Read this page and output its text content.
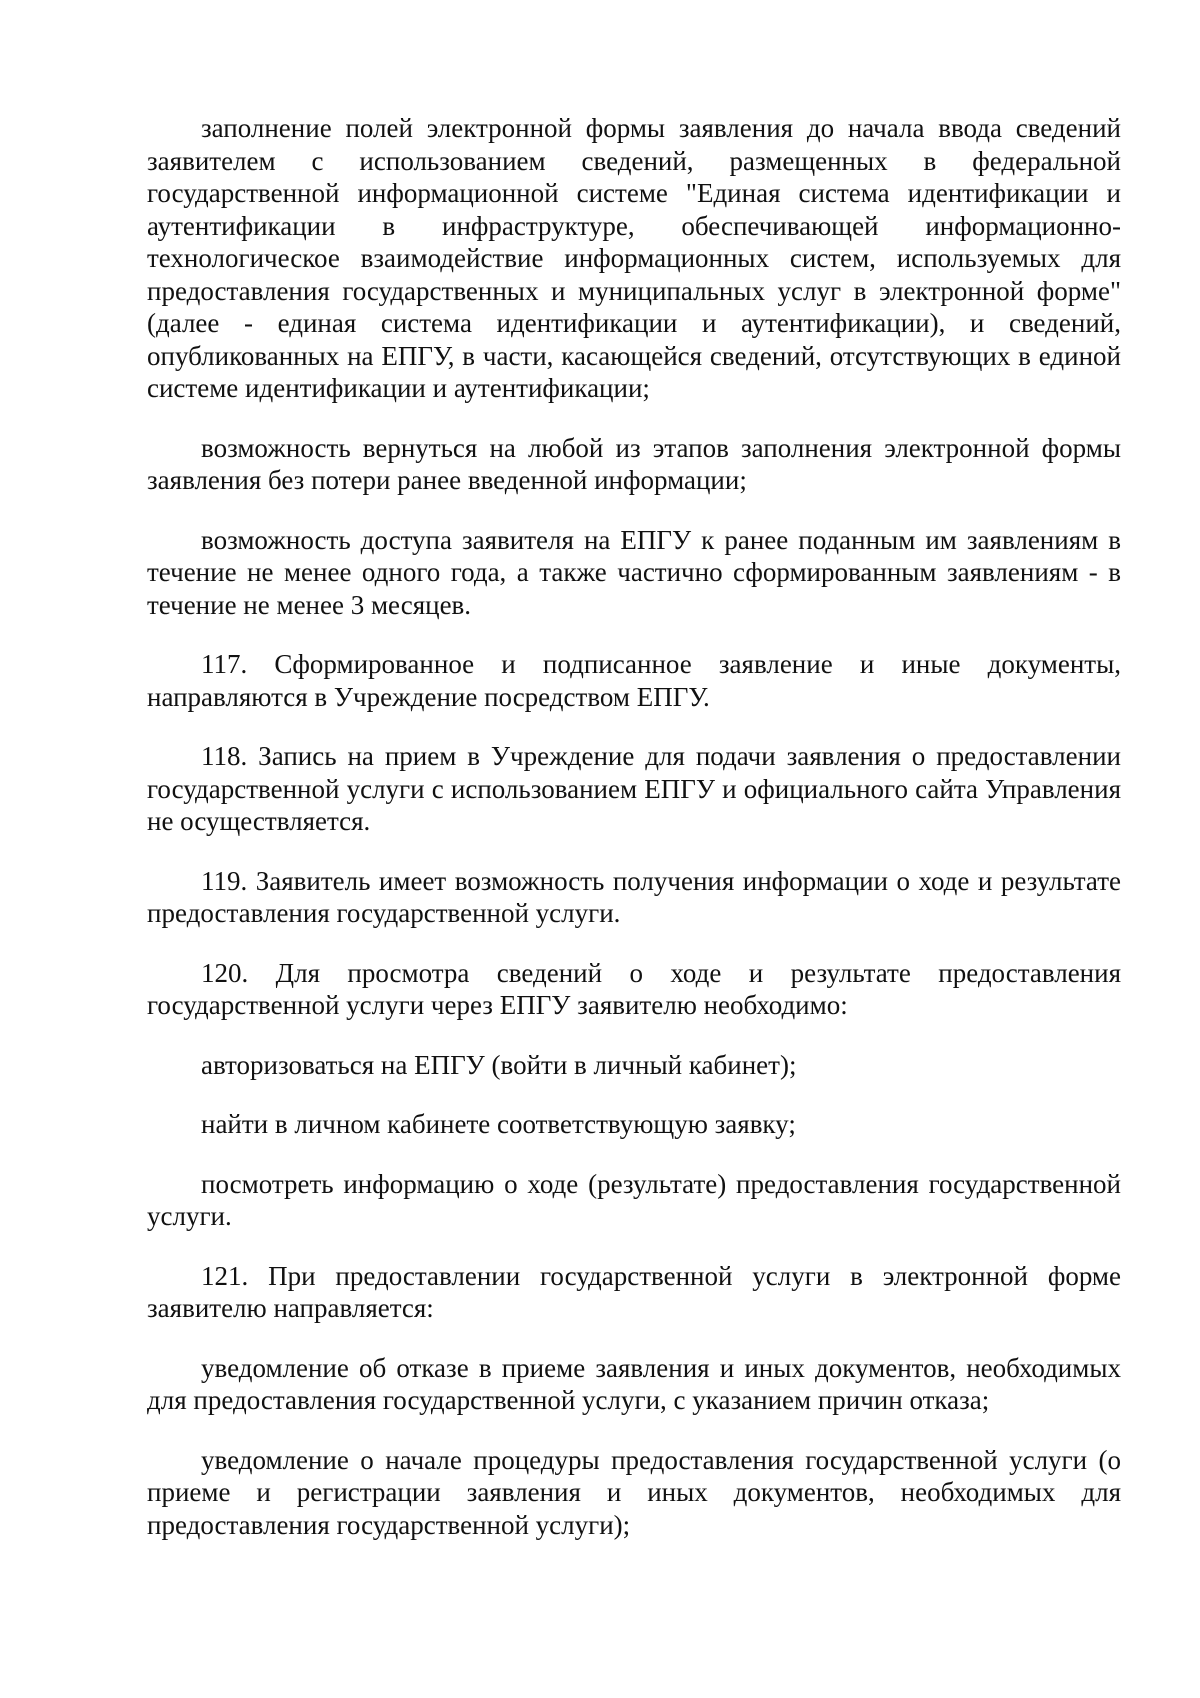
заполнение полей электронной формы заявления до начала ввода сведений заявителем с использованием сведений, размещенных в федеральной государственной информационной системе "Единая система идентификации и аутентификации в инфраструктуре, обеспечивающей информационно-технологическое взаимодействие информационных систем, используемых для предоставления государственных и муниципальных услуг в электронной форме" (далее - единая система идентификации и аутентификации), и сведений, опубликованных на ЕПГУ, в части, касающейся сведений, отсутствующих в единой системе идентификации и аутентификации;

возможность вернуться на любой из этапов заполнения электронной формы заявления без потери ранее введенной информации;

возможность доступа заявителя на ЕПГУ к ранее поданным им заявлениям в течение не менее одного года, а также частично сформированным заявлениям - в течение не менее 3 месяцев.

117. Сформированное и подписанное заявление и иные документы, направляются в Учреждение посредством ЕПГУ.

118. Запись на прием в Учреждение для подачи заявления о предоставлении государственной услуги с использованием ЕПГУ и официального сайта Управления не осуществляется.

119. Заявитель имеет возможность получения информации о ходе и результате предоставления государственной услуги.

120. Для просмотра сведений о ходе и результате предоставления государственной услуги через ЕПГУ заявителю необходимо:

авторизоваться на ЕПГУ (войти в личный кабинет);

найти в личном кабинете соответствующую заявку;

посмотреть информацию о ходе (результате) предоставления государственной услуги.

121. При предоставлении государственной услуги в электронной форме заявителю направляется:

уведомление об отказе в приеме заявления и иных документов, необходимых для предоставления государственной услуги, с указанием причин отказа;

уведомление о начале процедуры предоставления государственной услуги (о приеме и регистрации заявления и иных документов, необходимых для предоставления государственной услуги);
